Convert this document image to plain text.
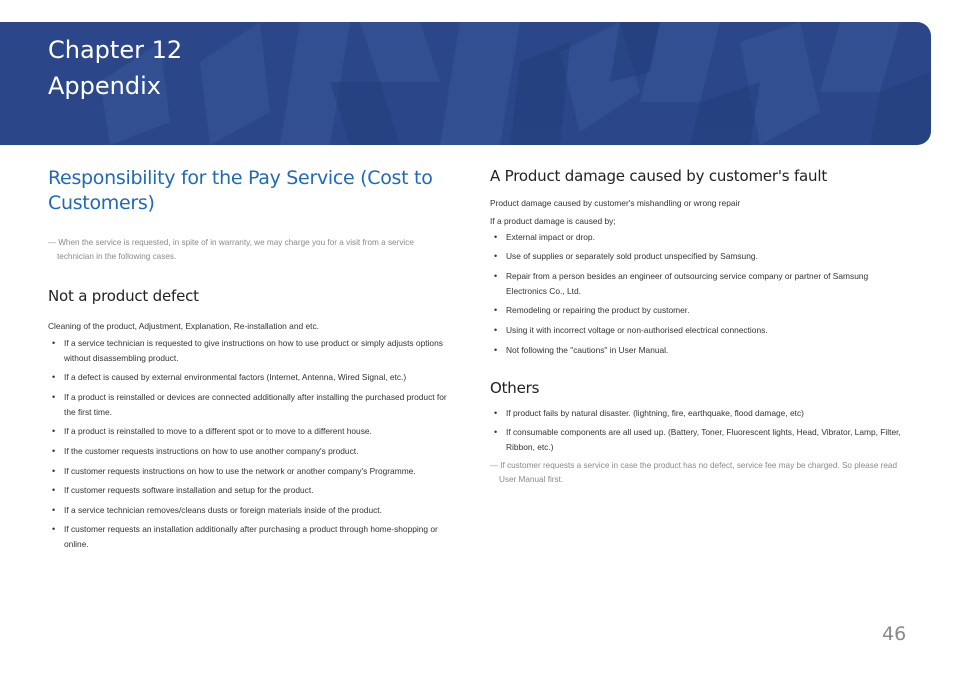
Chapter 12
Appendix
Responsibility for the Pay Service (Cost to
Customers)
— When the service is requested, in spite of in warranty, we may charge you for a visit from a service technician in the following cases.
Not a product defect

Cleaning of the product, Adjustment, Explanation, Re-installation and etc.

• If a service technician is requested to give instructions on how to use product or simply adjusts options without disassembling product.
• If a defect is caused by external environmental factors (Internet, Antenna, Wired Signal, etc.)
• If a product is reinstalled or devices are connected additionally after installing the purchased product for the first time.
• If a product is reinstalled to move to a different spot or to move to a different house.
• If the customer requests instructions on how to use another company's product.
• If customer requests instructions on how to use the network or another company's Programme.
• If customer requests software installation and setup for the product.
• If a service technician removes/cleans dusts or foreign materials inside of the product.
• If customer requests an installation additionally after purchasing a product through home-shopping or online.
A Product damage caused by customer's fault

Product damage caused by customer's mishandling or wrong repair

If a product damage is caused by;

• External impact or drop.
• Use of supplies or separately sold product unspecified by Samsung.
• Repair from a person besides an engineer of outsourcing service company or partner of Samsung Electronics Co., Ltd.
• Remodeling or repairing the product by customer.
• Using it with incorrect voltage or non-authorised electrical connections.
• Not following the "cautions" in User Manual.
Others
• If product fails by natural disaster. (lightning, fire, earthquake, flood damage, etc)
• If consumable components are all used up. (Battery, Toner, Fluorescent lights, Head, Vibrator, Lamp, Filter, Ribbon, etc.)
— If customer requests a service in case the product has no defect, service fee may be charged. So please read User Manual first.
46
